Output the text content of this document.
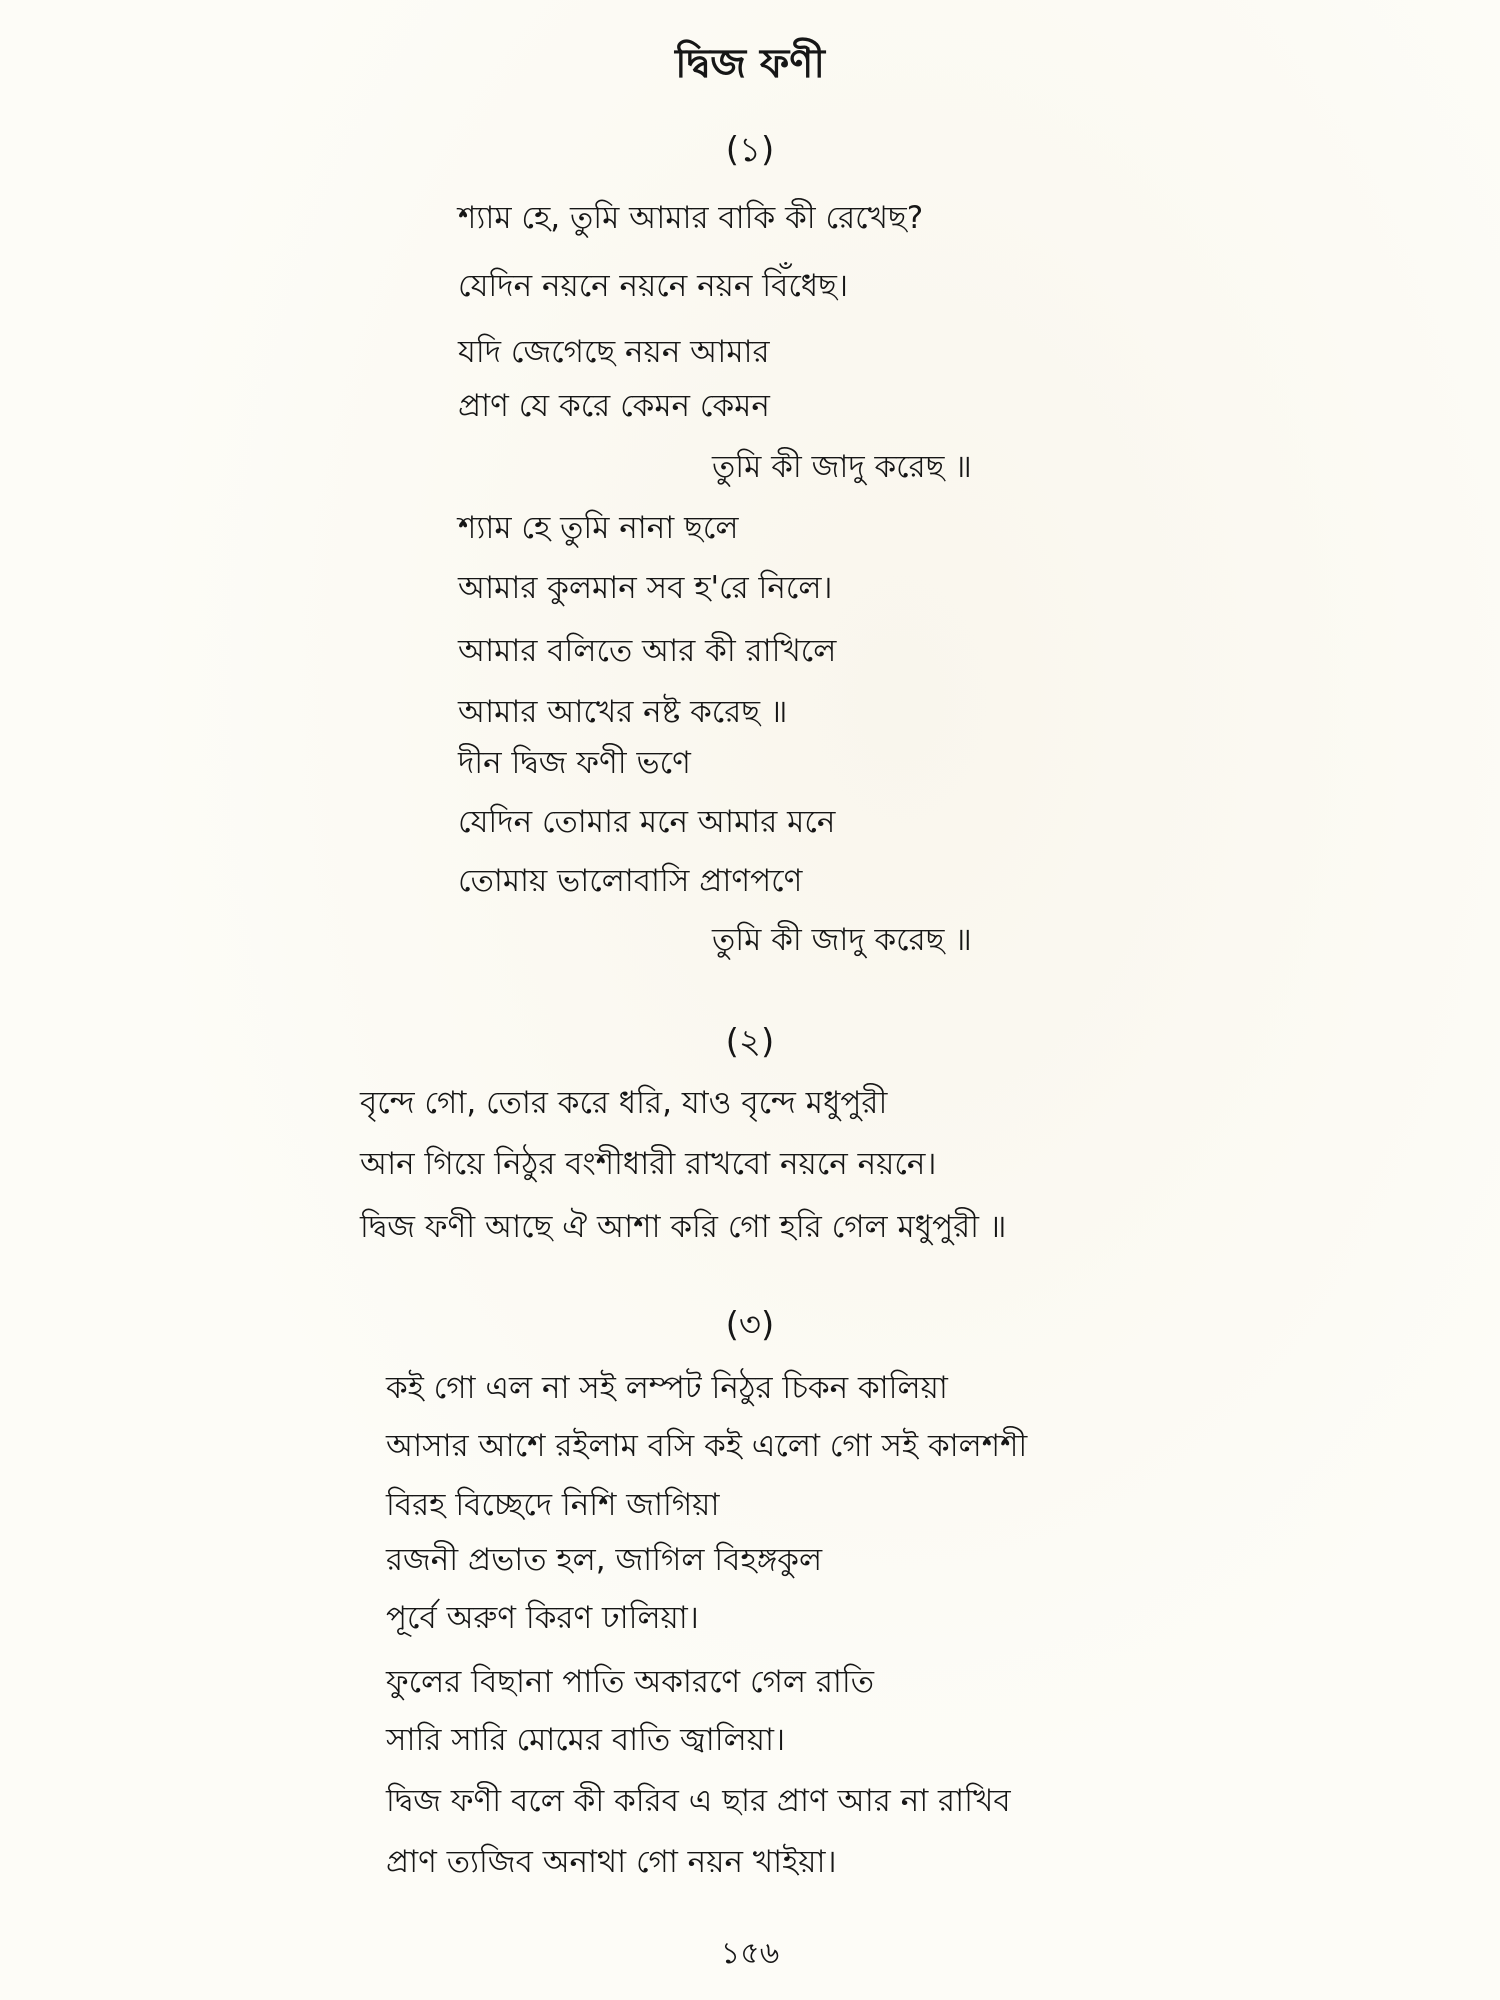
দ্বিজ ফণী
(১)
শ্যাম হে, তুমি আমার বাকি কী রেখেছ?
যেদিন নয়নে নয়নে নয়ন বিঁধেছ।
যদি জেগেছে নয়ন আমার
প্রাণ যে করে কেমন কেমন
তুমি কী জাদু করেছ ॥
শ্যাম হে তুমি নানা ছলে
আমার কুলমান সব হ'রে নিলে।
আমার বলিতে আর কী রাখিলে
আমার আখের নষ্ট করেছ ॥
দীন দ্বিজ ফণী ভণে
যেদিন তোমার মনে আমার মনে
তোমায় ভালোবাসি প্রাণপণে
তুমি কী জাদু করেছ ॥
(২)
বৃন্দে গো, তোর করে ধরি, যাও বৃন্দে মধুপুরী
আন গিয়ে নিঠুর বংশীধারী রাখবো নয়নে নয়নে।
দ্বিজ ফণী আছে ঐ আশা করি গো হরি গেল মধুপুরী ॥
(৩)
কই গো এল না সই লম্পট নিঠুর চিকন কালিয়া
আসার আশে রইলাম বসি কই এলো গো সই কালশশী
বিরহ বিচ্ছেদে নিশি জাগিয়া
রজনী প্রভাত হল, জাগিল বিহঙ্গকুল
পূর্বে অরুণ কিরণ ঢালিয়া।
ফুলের বিছানা পাতি অকারণে গেল রাতি
সারি সারি মোমের বাতি জ্বালিয়া।
দ্বিজ ফণী বলে কী করিব এ ছার প্রাণ আর না রাখিব
প্রাণ ত্যজিব অনাথা গো নয়ন খাইয়া।
১৫৬
